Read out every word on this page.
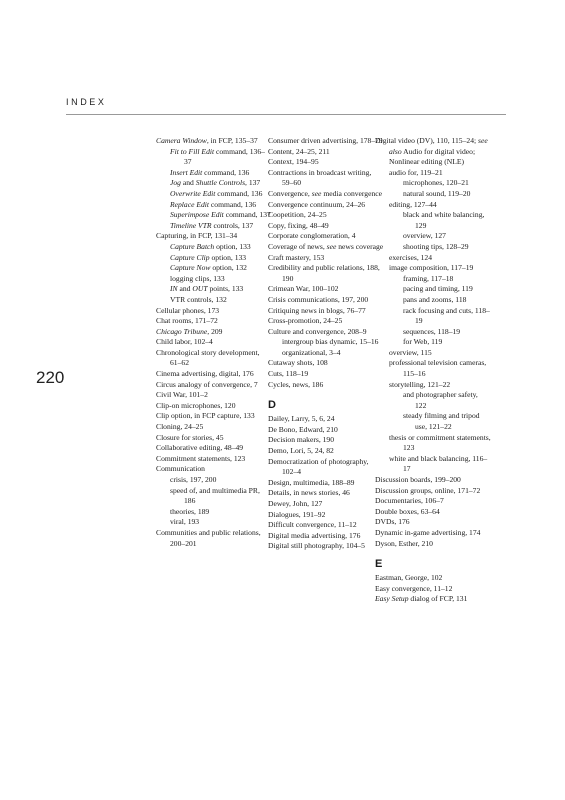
INDEX
220
Camera Window, in FCP, 135–37
Fit to Fill Edit command, 136–37
Insert Edit command, 136
Jog and Shuttle Controls, 137
Overwrite Edit command, 136
Replace Edit command, 136
Superimpose Edit command, 137
Timeline VTR controls, 137
Capturing, in FCP, 131–34
Capture Batch option, 133
Capture Clip option, 133
Capture Now option, 132
logging clips, 133
IN and OUT points, 133
VTR controls, 132
Cellular phones, 173
Chat rooms, 171–72
Chicago Tribune, 209
Child labor, 102–4
Chronological story development, 61–62
Cinema advertising, digital, 176
Circus analogy of convergence, 7
Civil War, 101–2
Clip-on microphones, 120
Clip option, in FCP capture, 133
Cloning, 24–25
Closure for stories, 45
Collaborative editing, 48–49
Commitment statements, 123
Communication
crisis, 197, 200
speed of, and multimedia PR, 186
theories, 189
viral, 193
Communities and public relations, 200–201
Consumer driven advertising, 178–79
Content, 24–25, 211
Context, 194–95
Contractions in broadcast writing, 59–60
Convergence, see media convergence
Convergence continuum, 24–26
Coopetition, 24–25
Copy, fixing, 48–49
Corporate conglomeration, 4
Coverage of news, see news coverage
Craft mastery, 153
Credibility and public relations, 188, 190
Crimean War, 100–102
Crisis communications, 197, 200
Critiquing news in blogs, 76–77
Cross-promotion, 24–25
Culture and convergence, 208–9
intergroup bias dynamic, 15–16
organizational, 3–4
Cutaway shots, 108
Cuts, 118–19
Cycles, news, 186
D
Dailey, Larry, 5, 6, 24
De Bono, Edward, 210
Decision makers, 190
Demo, Lori, 5, 24, 82
Democratization of photography, 102–4
Design, multimedia, 188–89
Details, in news stories, 46
Dewey, John, 127
Dialogues, 191–92
Difficult convergence, 11–12
Digital media advertising, 176
Digital still photography, 104–5
Digital video (DV), 110, 115–24; see also Audio for digital video; Nonlinear editing (NLE)
audio for, 119–21
microphones, 120–21
natural sound, 119–20
editing, 127–44
black and white balancing, 129
overview, 127
shooting tips, 128–29
exercises, 124
image composition, 117–19
framing, 117–18
pacing and timing, 119
pans and zooms, 118
rack focusing and cuts, 118–19
sequences, 118–19
for Web, 119
overview, 115
professional television cameras, 115–16
storytelling, 121–22
and photographer safety, 122
steady filming and tripod use, 121–22
thesis or commitment statements, 123
white and black balancing, 116–17
Discussion boards, 199–200
Discussion groups, online, 171–72
Documentaries, 106–7
Double boxes, 63–64
DVDs, 176
Dynamic in-game advertising, 174
Dyson, Esther, 210
E
Eastman, George, 102
Easy convergence, 11–12
Easy Setup dialog of FCP, 131
